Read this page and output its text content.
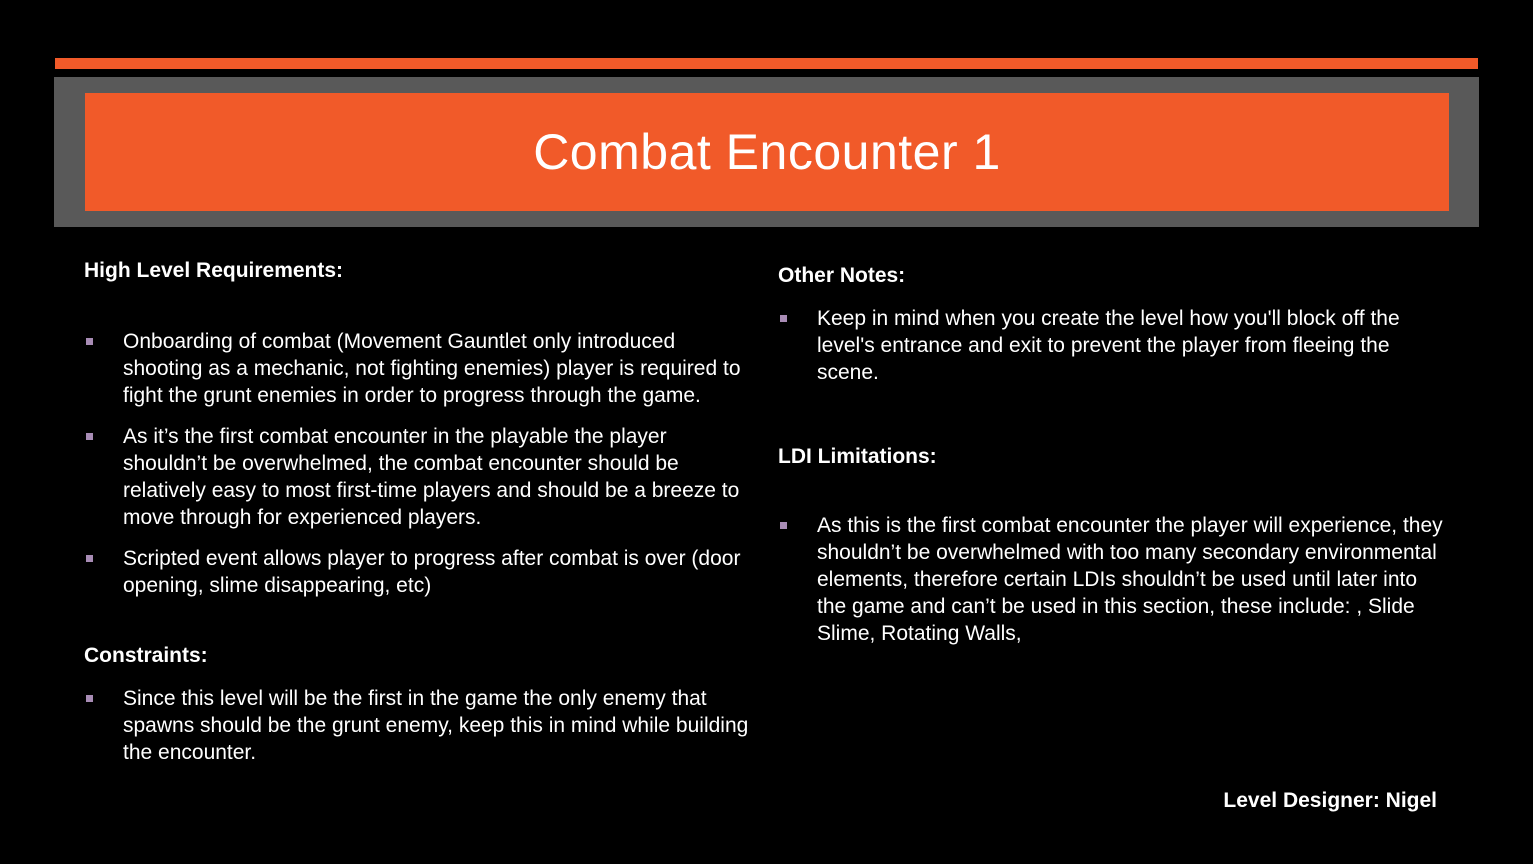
Combat Encounter 1
High Level Requirements:
Onboarding of combat (Movement Gauntlet only introduced shooting as a mechanic, not fighting enemies) player is required to fight the grunt enemies in order to progress through the game.
As it’s the first combat encounter in the playable the player shouldn’t be overwhelmed, the combat encounter should be relatively easy to most first-time players and should be a breeze to move through for experienced players.
Scripted event allows player to progress after combat is over (door opening, slime disappearing, etc)
Constraints:
Since this level will be the first in the game the only enemy that spawns should be the grunt enemy, keep this in mind while building the encounter.
Other Notes:
Keep in mind when you create the level how you'll block off the level's entrance and exit to prevent the player from fleeing the scene.
LDI Limitations:
As this is the first combat encounter the player will experience, they shouldn’t be overwhelmed with too many secondary environmental elements, therefore certain LDIs shouldn’t be used until later into the game and can’t be used in this section, these include: , Slide Slime, Rotating Walls,
Level Designer: Nigel
